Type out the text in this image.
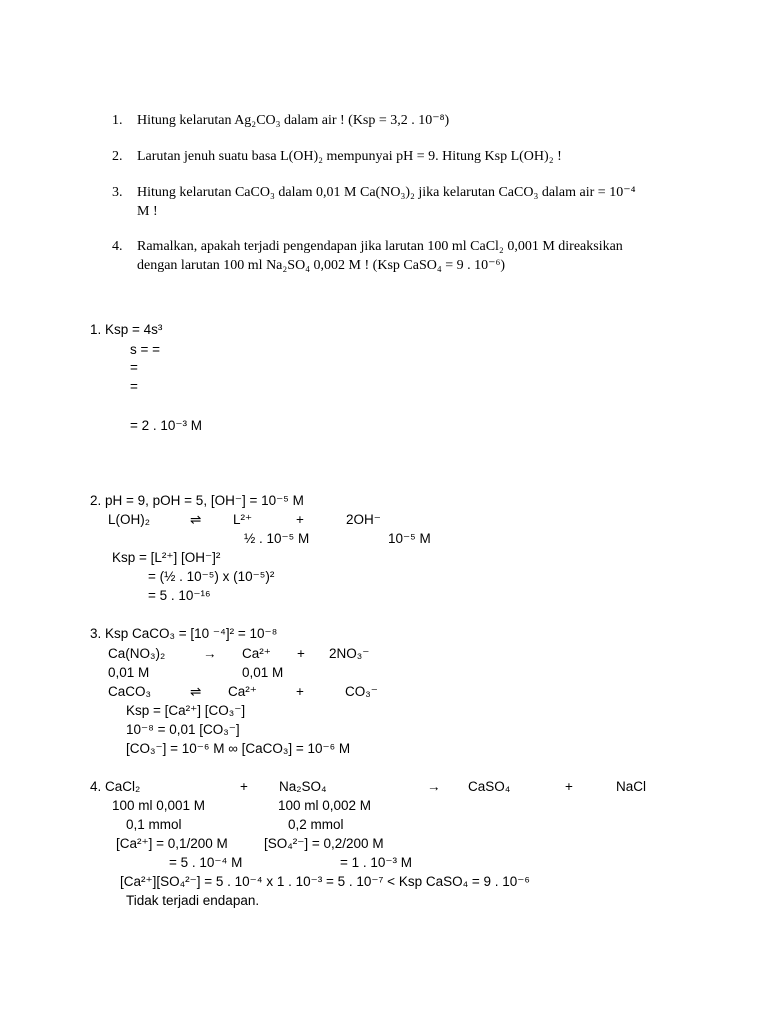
1. Hitung kelarutan Ag₂CO₃ dalam air ! (Ksp = 3,2 . 10⁻⁸)
2. Larutan jenuh suatu basa L(OH)₂ mempunyai pH = 9. Hitung Ksp L(OH)₂ !
3. Hitung kelarutan CaCO₃ dalam 0,01 M Ca(NO₃)₂ jika kelarutan CaCO₃ dalam air = 10⁻⁴
M !
4. Ramalkan, apakah terjadi pengendapan jika larutan 100 ml CaCl₂ 0,001 M direaksikan
dengan larutan 100 ml Na₂SO₄ 0,002 M ! (Ksp CaSO₄ = 9 . 10⁻⁶)
1. Ksp = 4s³
s = =
=
=
= 2 . 10⁻³ M
2. pH = 9, pOH = 5, [OH⁻] = 10⁻⁵ M
L(OH)₂	⇌ L²⁺	+	2OH⁻
½ . 10⁻⁵ M	10⁻⁵ M
Ksp = [L²⁺] [OH⁻]²
= (½ . 10⁻⁵) x (10⁻⁵)²
= 5 . 10⁻¹⁶
3. Ksp CaCO₃ = [10 ⁻⁴]² = 10⁻⁸
Ca(NO₃)₂	→ Ca²⁺ + 2NO₃⁻
0,01 M	0,01 M
CaCO₃	⇌ Ca²⁺	+	CO₃⁻
Ksp = [Ca²⁺] [CO₃⁻]
10⁻⁸ = 0,01 [CO₃⁻]
[CO₃⁻] = 10⁻⁶ M ∞ [CaCO₃] = 10⁻⁶ M
4. CaCl₂	+ Na₂SO₄	→ CaSO₄	+	NaCl
100 ml 0,001 M	100 ml 0,002 M
0,1 mmol	0,2 mmol
[Ca²⁺] = 0,1/200 M	[SO₄²⁻] = 0,2/200 M
= 5 . 10⁻⁴ M	= 1 . 10⁻³ M
[Ca²⁺][SO₄²⁻] = 5 . 10⁻⁴ x 1 . 10⁻³ = 5 . 10⁻⁷ < Ksp CaSO₄ = 9 . 10⁻⁶
Tidak terjadi endapan.
